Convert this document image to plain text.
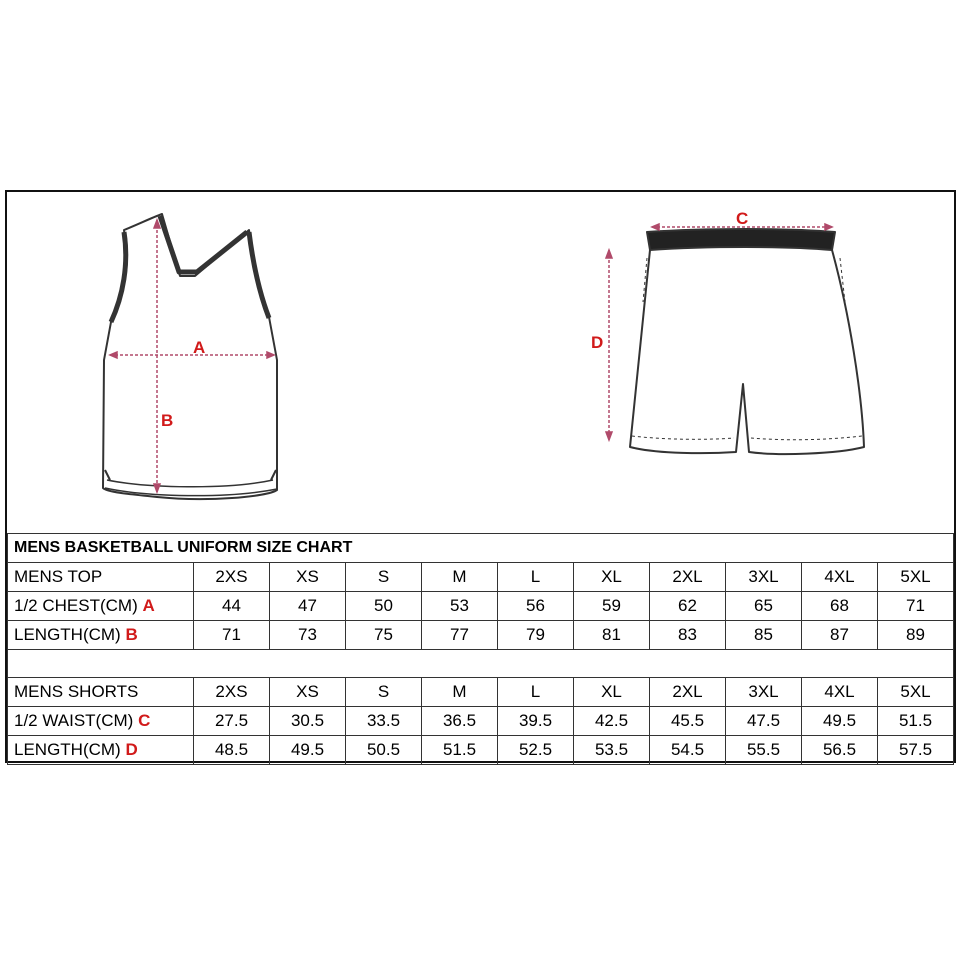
A
B
C
D
MENS BASKETBALL UNIFORM SIZE CHART										
MENS TOP	2XS	XS	S	M	L	XL	2XL	3XL	4XL	5XL
1/2 CHEST(CM) A	44	47	50	53	56	59	62	65	68	71
LENGTH(CM) B	71	73	75	77	79	81	83	85	87	89

MENS SHORTS	2XS	XS	S	M	L	XL	2XL	3XL	4XL	5XL
1/2 WAIST(CM) C	27.5	30.5	33.5	36.5	39.5	42.5	45.5	47.5	49.5	51.5
LENGTH(CM) D	48.5	49.5	50.5	51.5	52.5	53.5	54.5	55.5	56.5	57.5
